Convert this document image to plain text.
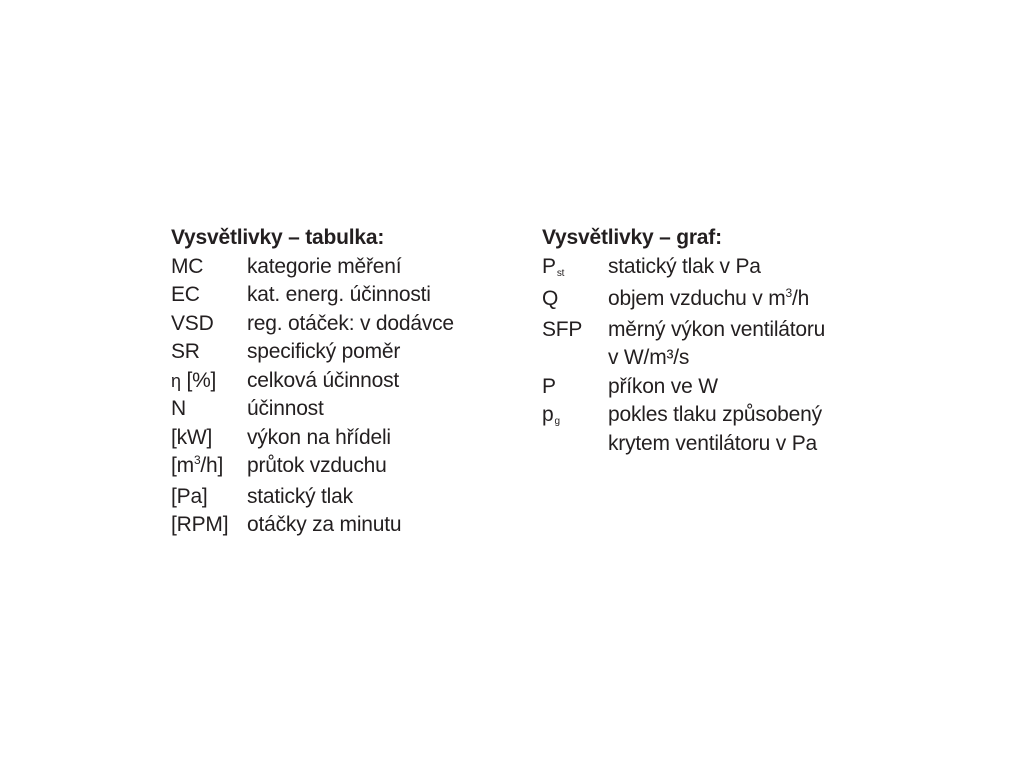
Vysvětlivky – tabulka:
MC	kategorie měření
EC	kat. energ. účinnosti
VSD	reg. otáček: v dodávce
SR	specifický poměr
η [%]	celková účinnost
N	účinnost
[kW]	výkon na hřídeli
$[m^3/h]$	průtok vzduchu
[Pa]	statický tlak
[RPM] otáčky za minutu
Vysvětlivky – graf:
Pst	statický tlak v Pa
Q	objem vzduchu v $m^3/h$
SFP	měrný výkon ventilátoru
v W/m³/s
P	příkon ve W
pg	pokles tlaku způsobený
krytem ventilátoru v Pa
